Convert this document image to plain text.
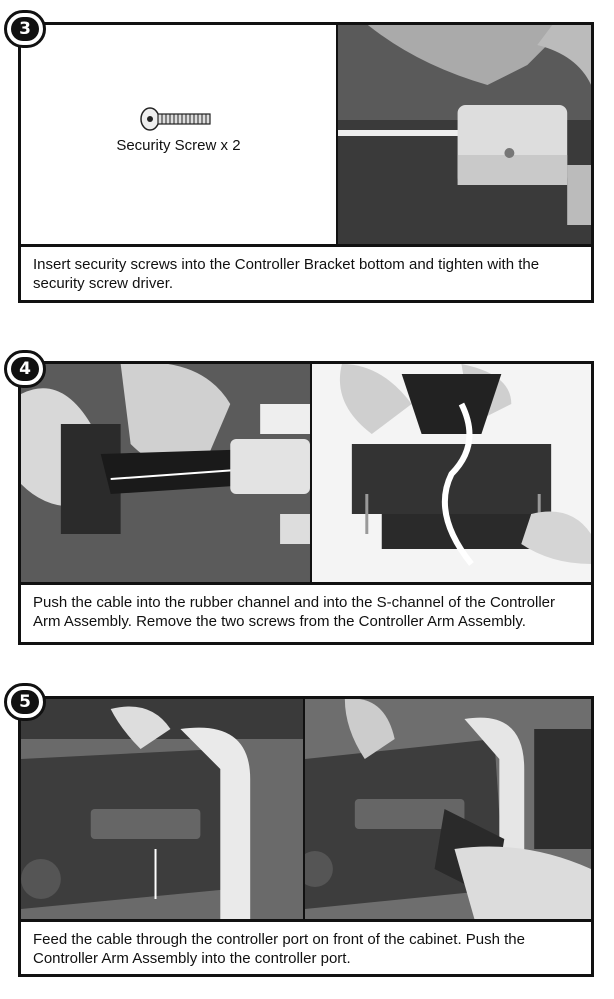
Security Screw x 2
Insert security screws into the Controller Bracket bottom and tighten with the security screw driver.
3
Push the cable into the rubber channel and into the S-channel of the Controller Arm Assembly. Remove the two screws from the Controller Arm Assembly.
4
Feed the cable through the controller port on front of the cabinet. Push the Controller Arm Assembly into the controller port.
5
